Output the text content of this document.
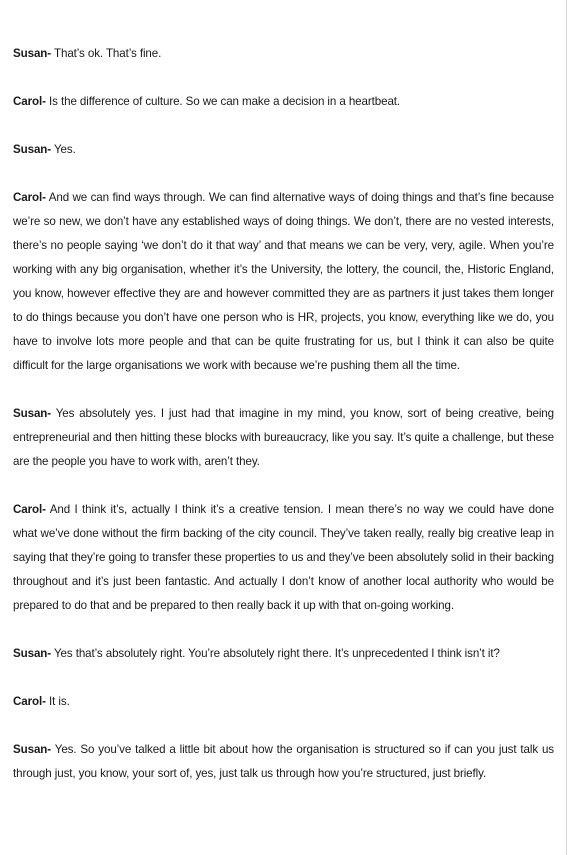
Susan- That’s ok. That’s fine.

Carol- Is the difference of culture. So we can make a decision in a heartbeat.

Susan- Yes.

Carol- And we can find ways through. We can find alternative ways of doing things and that’s fine because we’re so new, we don’t have any established ways of doing things. We don’t, there are no vested interests, there’s no people saying ‘we don’t do it that way’ and that means we can be very, very, agile. When you’re working with any big organisation, whether it’s the University, the lottery, the council, the, Historic England, you know, however effective they are and however committed they are as partners it just takes them longer to do things because you don’t have one person who is HR, projects, you know, everything like we do, you have to involve lots more people and that can be quite frustrating for us, but I think it can also be quite difficult for the large organisations we work with because we’re pushing them all the time.

Susan- Yes absolutely yes. I just had that imagine in my mind, you know, sort of being creative, being entrepreneurial and then hitting these blocks with bureaucracy, like you say. It’s quite a challenge, but these are the people you have to work with, aren’t they.

Carol- And I think it’s, actually I think it’s a creative tension. I mean there’s no way we could have done what we’ve done without the firm backing of the city council. They’ve taken really, really big creative leap in saying that they’re going to transfer these properties to us and they’ve been absolutely solid in their backing throughout and it’s just been fantastic. And actually I don’t know of another local authority who would be prepared to do that and be prepared to then really back it up with that on-going working.

Susan- Yes that’s absolutely right. You’re absolutely right there. It’s unprecedented I think isn’t it?

Carol- It is.

Susan- Yes. So you’ve talked a little bit about how the organisation is structured so if can you just talk us through just, you know, your sort of, yes, just talk us through how you’re structured, just briefly.
